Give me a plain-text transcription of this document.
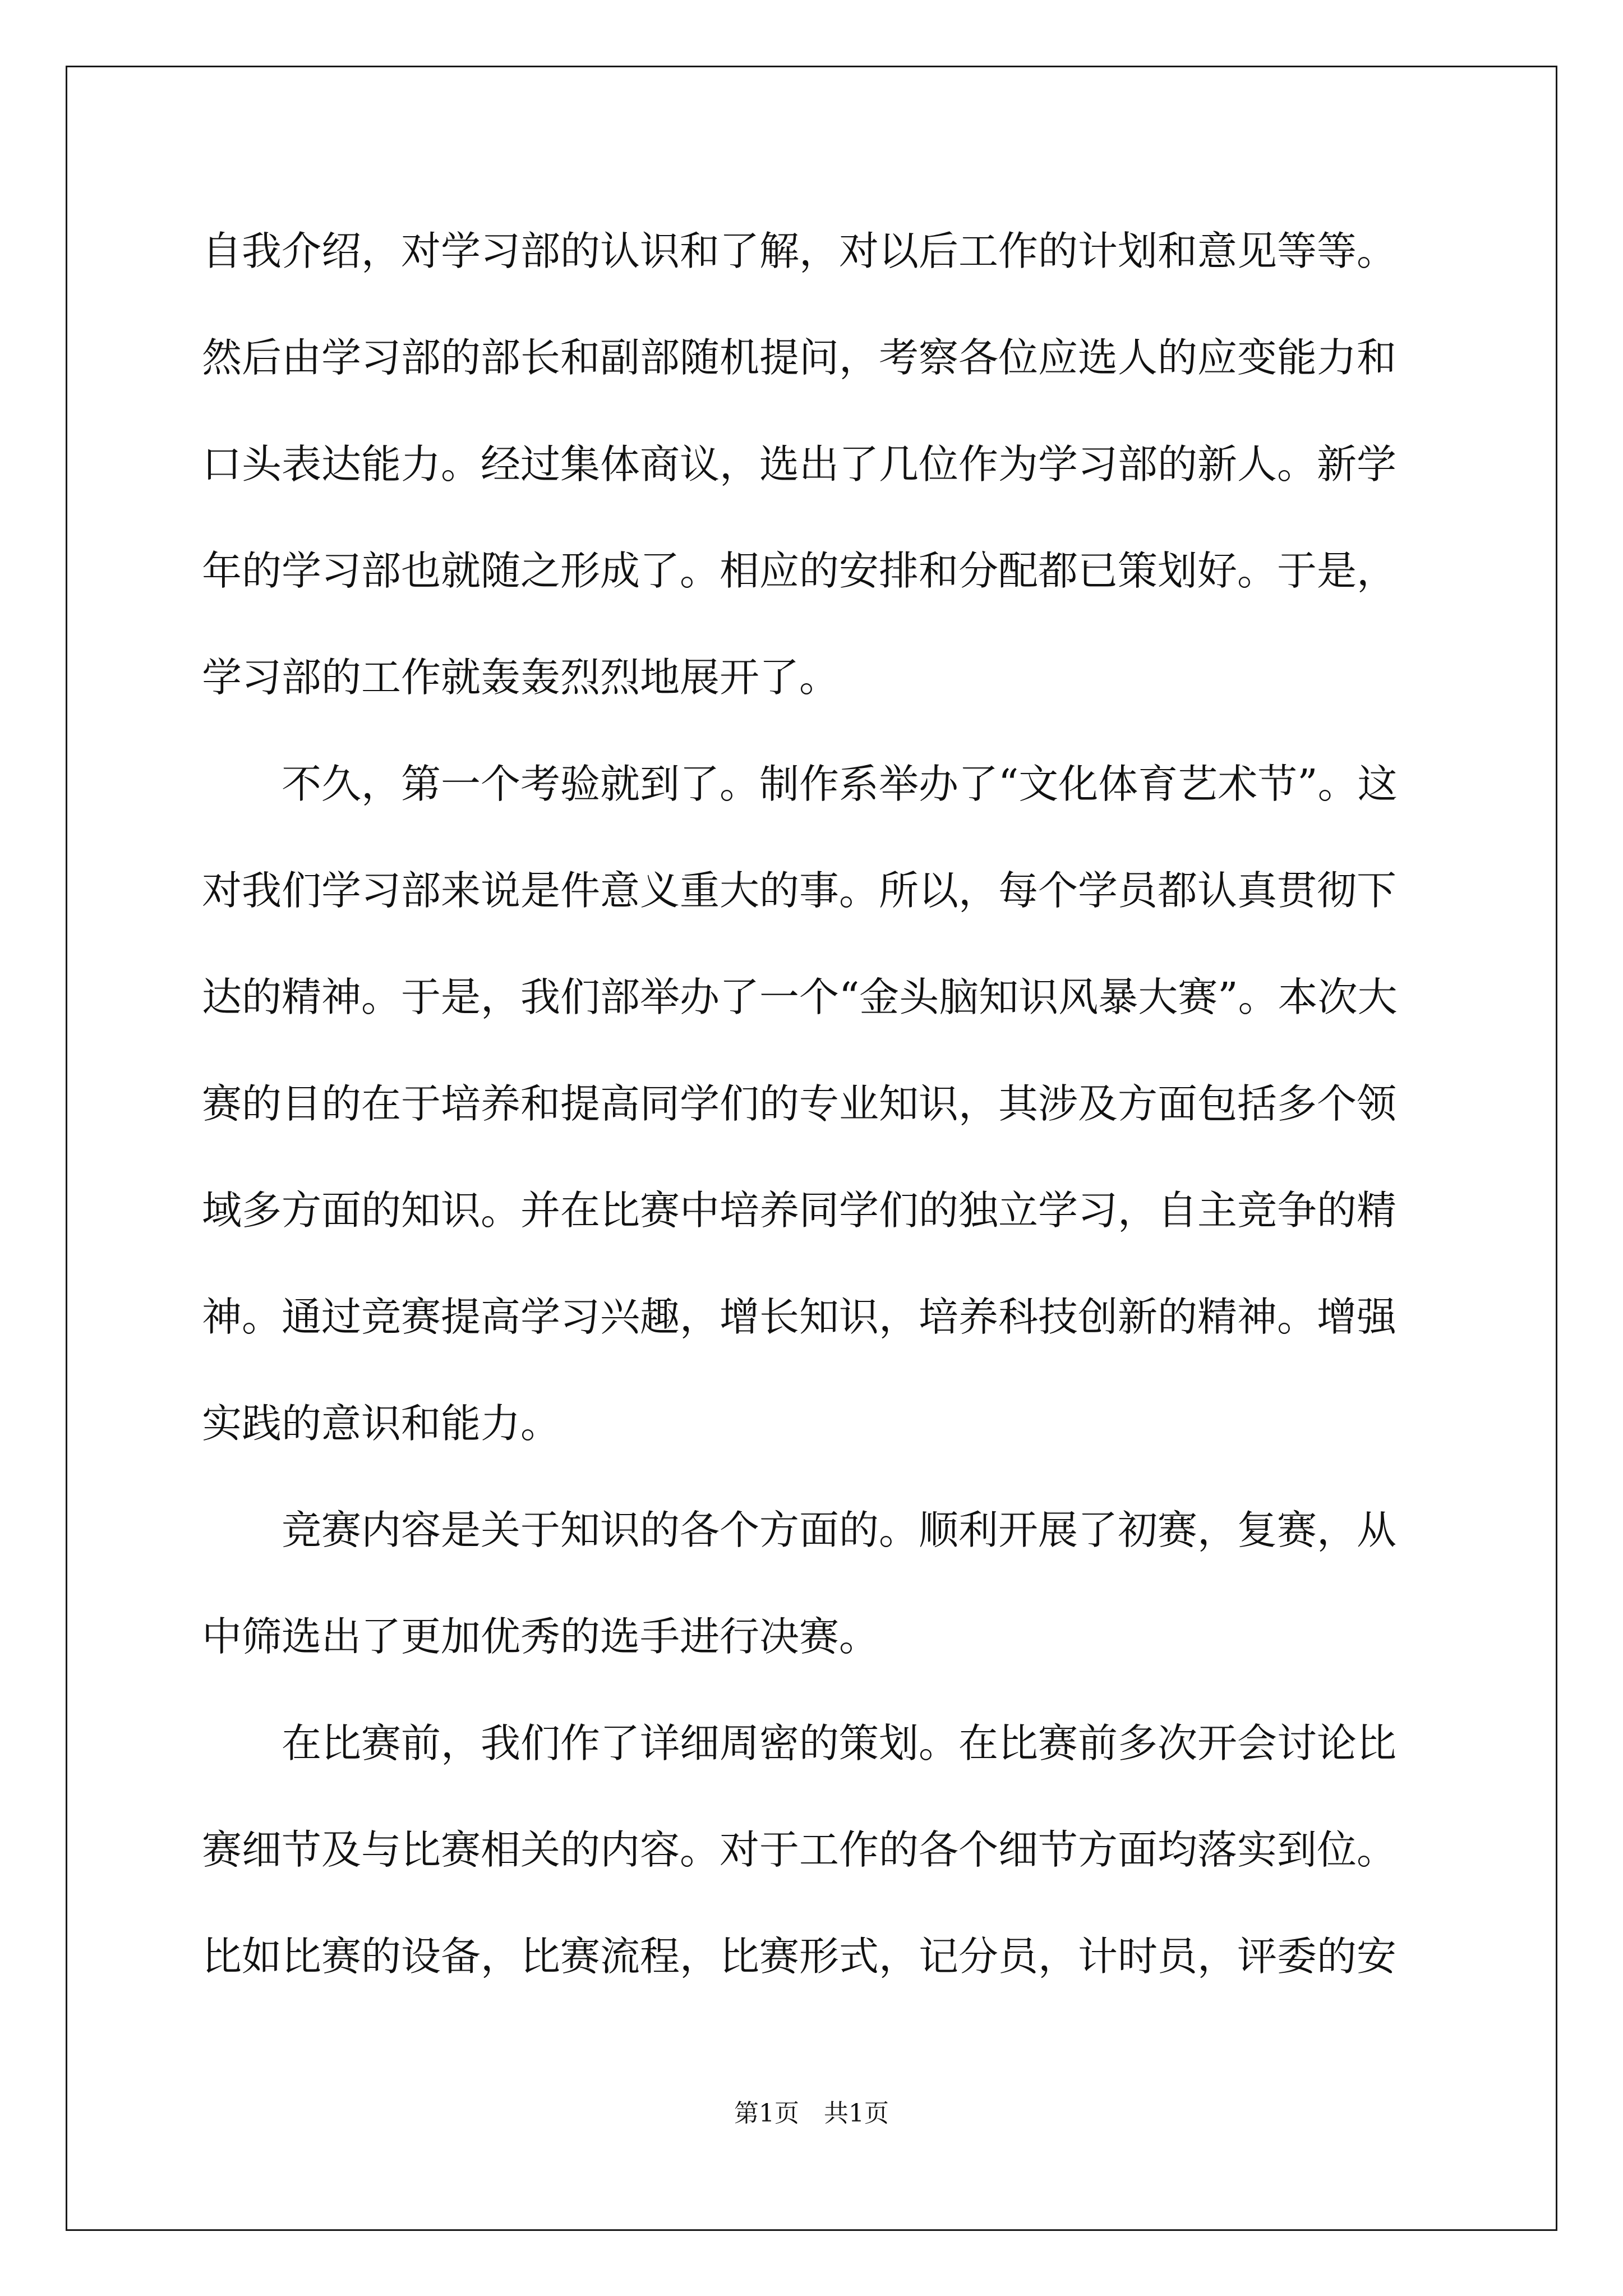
自我介绍，对学习部的认识和了解，对以后工作的计划和意见等等。
然后由学习部的部长和副部随机提问，考察各位应选人的应变能力和
口头表达能力。经过集体商议，选出了几位作为学习部的新人。新学
年的学习部也就随之形成了。相应的安排和分配都已策划好。于是，
学习部的工作就轰轰烈烈地展开了。
　　不久，第一个考验就到了。制作系举办了“文化体育艺术节”。这
对我们学习部来说是件意义重大的事。所以，每个学员都认真贯彻下
达的精神。于是，我们部举办了一个“金头脑知识风暴大赛”。本次大
赛的目的在于培养和提高同学们的专业知识，其涉及方面包括多个领
域多方面的知识。并在比赛中培养同学们的独立学习，自主竞争的精
神。通过竞赛提高学习兴趣，增长知识，培养科技创新的精神。增强
实践的意识和能力。
　　竞赛内容是关于知识的各个方面的。顺利开展了初赛，复赛，从
中筛选出了更加优秀的选手进行决赛。
　　在比赛前，我们作了详细周密的策划。在比赛前多次开会讨论比
赛细节及与比赛相关的内容。对于工作的各个细节方面均落实到位。
比如比赛的设备，比赛流程，比赛形式，记分员，计时员，评委的安
第1页　共1页
